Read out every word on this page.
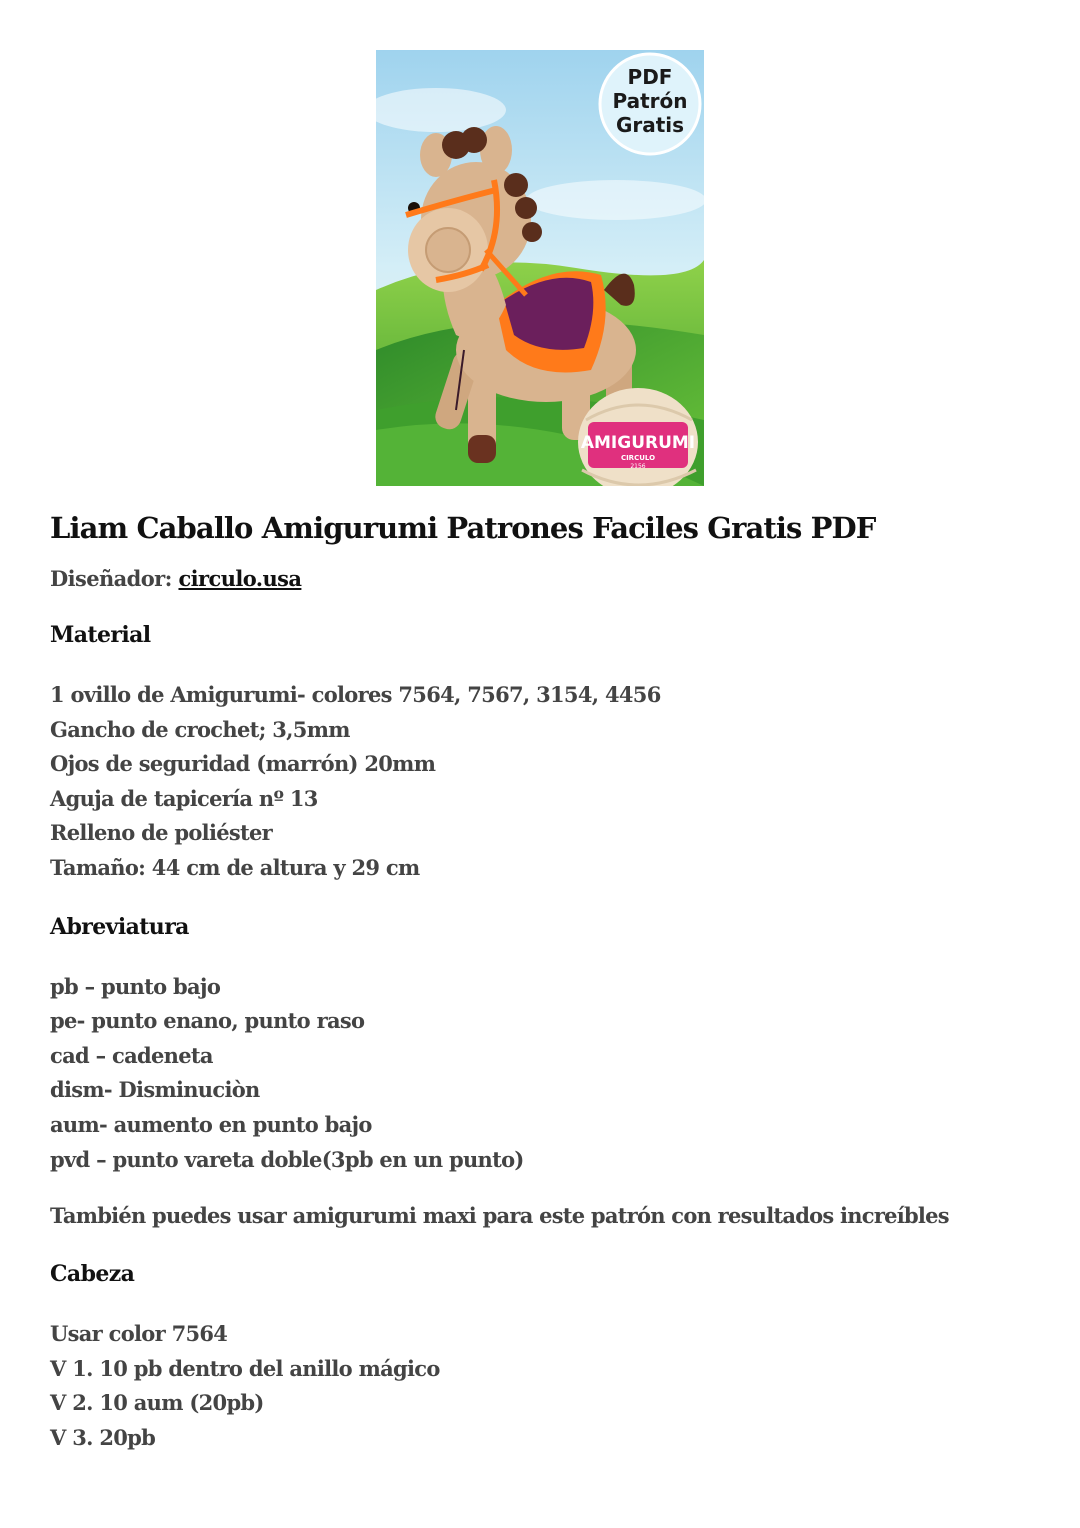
PDF
Patrón
Gratis
AMIGURUMI
CIRCULO
2156
Liam Caballo Amigurumi Patrones Faciles Gratis PDF
Diseñador: circulo.usa
Material
1 ovillo de Amigurumi- colores 7564, 7567, 3154, 4456
Gancho de crochet; 3,5mm
Ojos de seguridad (marrón) 20mm
Aguja de tapicería nº 13
Relleno de poliéster
Tamaño: 44 cm de altura y 29 cm
Abreviatura
pb – punto bajo
pe- punto enano, punto raso
cad – cadeneta
dism- Disminuciòn
aum- aumento en punto bajo
pvd – punto vareta doble(3pb en un punto)
También puedes usar amigurumi maxi para este patrón con resultados increíbles
Cabeza
Usar color 7564
V 1. 10 pb dentro del anillo mágico
V 2. 10 aum (20pb)
V 3. 20pb
